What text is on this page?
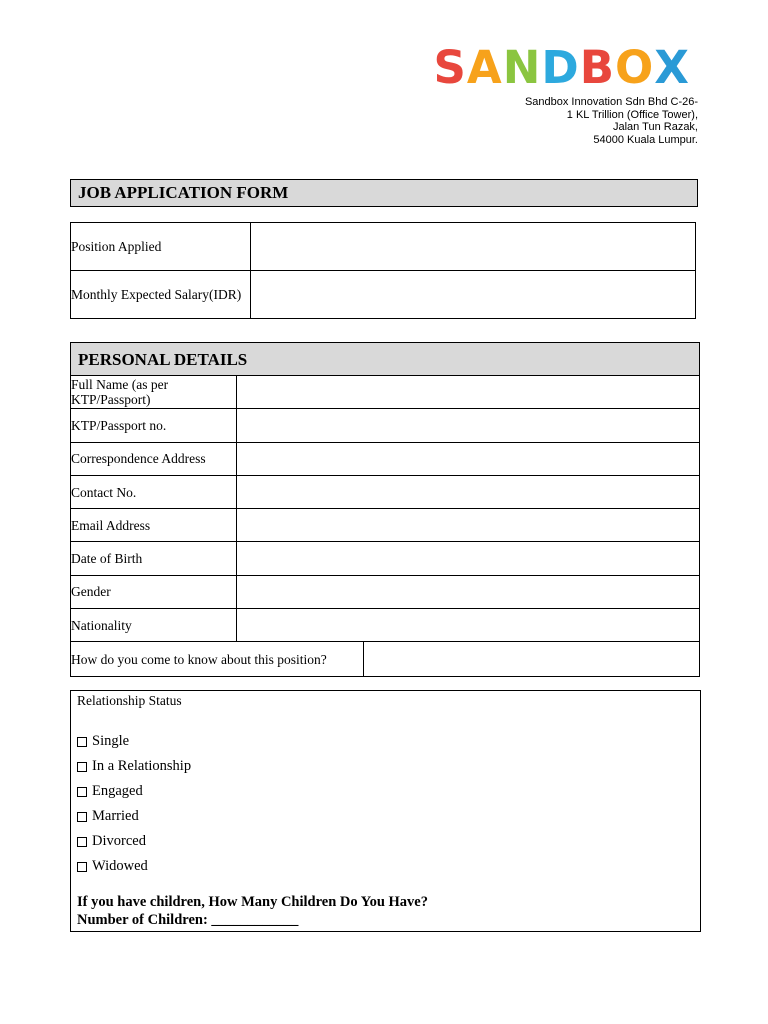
SANDBOX
Sandbox Innovation Sdn Bhd C-26-
1 KL Trillion (Office Tower),
Jalan Tun Razak,
54000 Kuala Lumpur.
JOB APPLICATION FORM
Position Applied	
Monthly Expected Salary(IDR)	
PERSONAL DETAILS
Full Name (as per KTP/Passport)
KTP/Passport no.
Correspondence Address
Contact No.
Email Address
Date of Birth
Gender
Nationality
How do you come to know about this position?
Relationship Status
Single
In a Relationship
Engaged
Married
Divorced
Widowed
If you have children, How Many Children Do You Have?
Number of Children: ____________
